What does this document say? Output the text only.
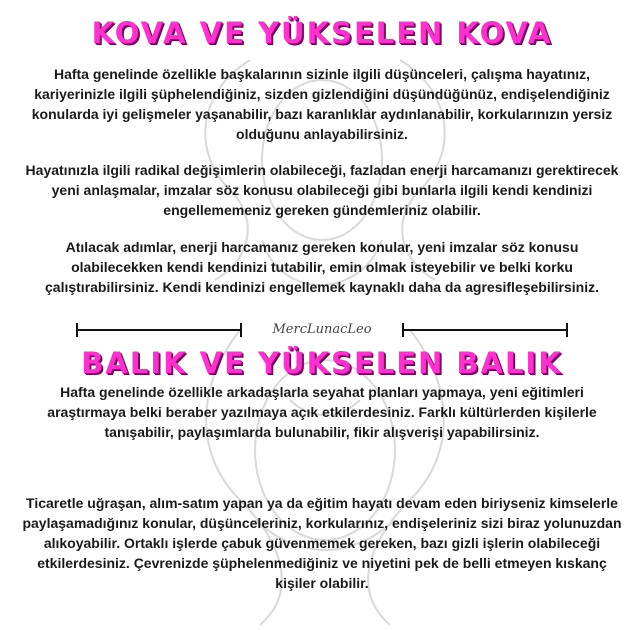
KOVA VE YÜKSELEN KOVA

Hafta genelinde özellikle başkalarının sizinle ilgili düşünceleri, çalışma hayatınız, kariyerinizle ilgili şüphelendiğiniz, sizden gizlendiğini düşündüğünüz, endişelendiğiniz konularda iyi gelişmeler yaşanabilir, bazı karanlıklar aydınlanabilir, korkularınızın yersiz olduğunu anlayabilirsiniz.

Hayatınızla ilgili radikal değişimlerin olabileceği, fazladan enerji harcamanızı gerektirecek yeni anlaşmalar, imzalar söz konusu olabileceği gibi bunlarla ilgili kendi kendinizi engellememeniz gereken gündemleriniz olabilir.

Atılacak adımlar, enerji harcamanız gereken konular, yeni imzalar söz konusu olabilecekken kendi kendinizi tutabilir, emin olmak isteyebilir ve belki korku çalıştırabilirsiniz. Kendi kendinizi engellemek kaynaklı daha da agresifleşebilirsiniz.

MercLunacLeo
BALIK VE YÜKSELEN BALIK

Hafta genelinde özellikle arkadaşlarla seyahat planları yapmaya, yeni eğitimleri araştırmaya belki beraber yazılmaya açık etkilerdesiniz. Farklı kültürlerden kişilerle tanışabilir, paylaşımlarda bulunabilir, fikir alışverişi yapabilirsiniz.

Ticaretle uğraşan, alım-satım yapan ya da eğitim hayatı devam eden biriyseniz kimselerle paylaşamadığınız konular, düşünceleriniz, korkularınız, endişeleriniz sizi biraz yolunuzdan alıkoyabilir. Ortaklı işlerde çabuk güvenmemek gereken, bazı gizli işlerin olabileceği etkilerdesiniz. Çevrenizde şüphelenmediğiniz ve niyetini pek de belli etmeyen kıskanç kişiler olabilir.
